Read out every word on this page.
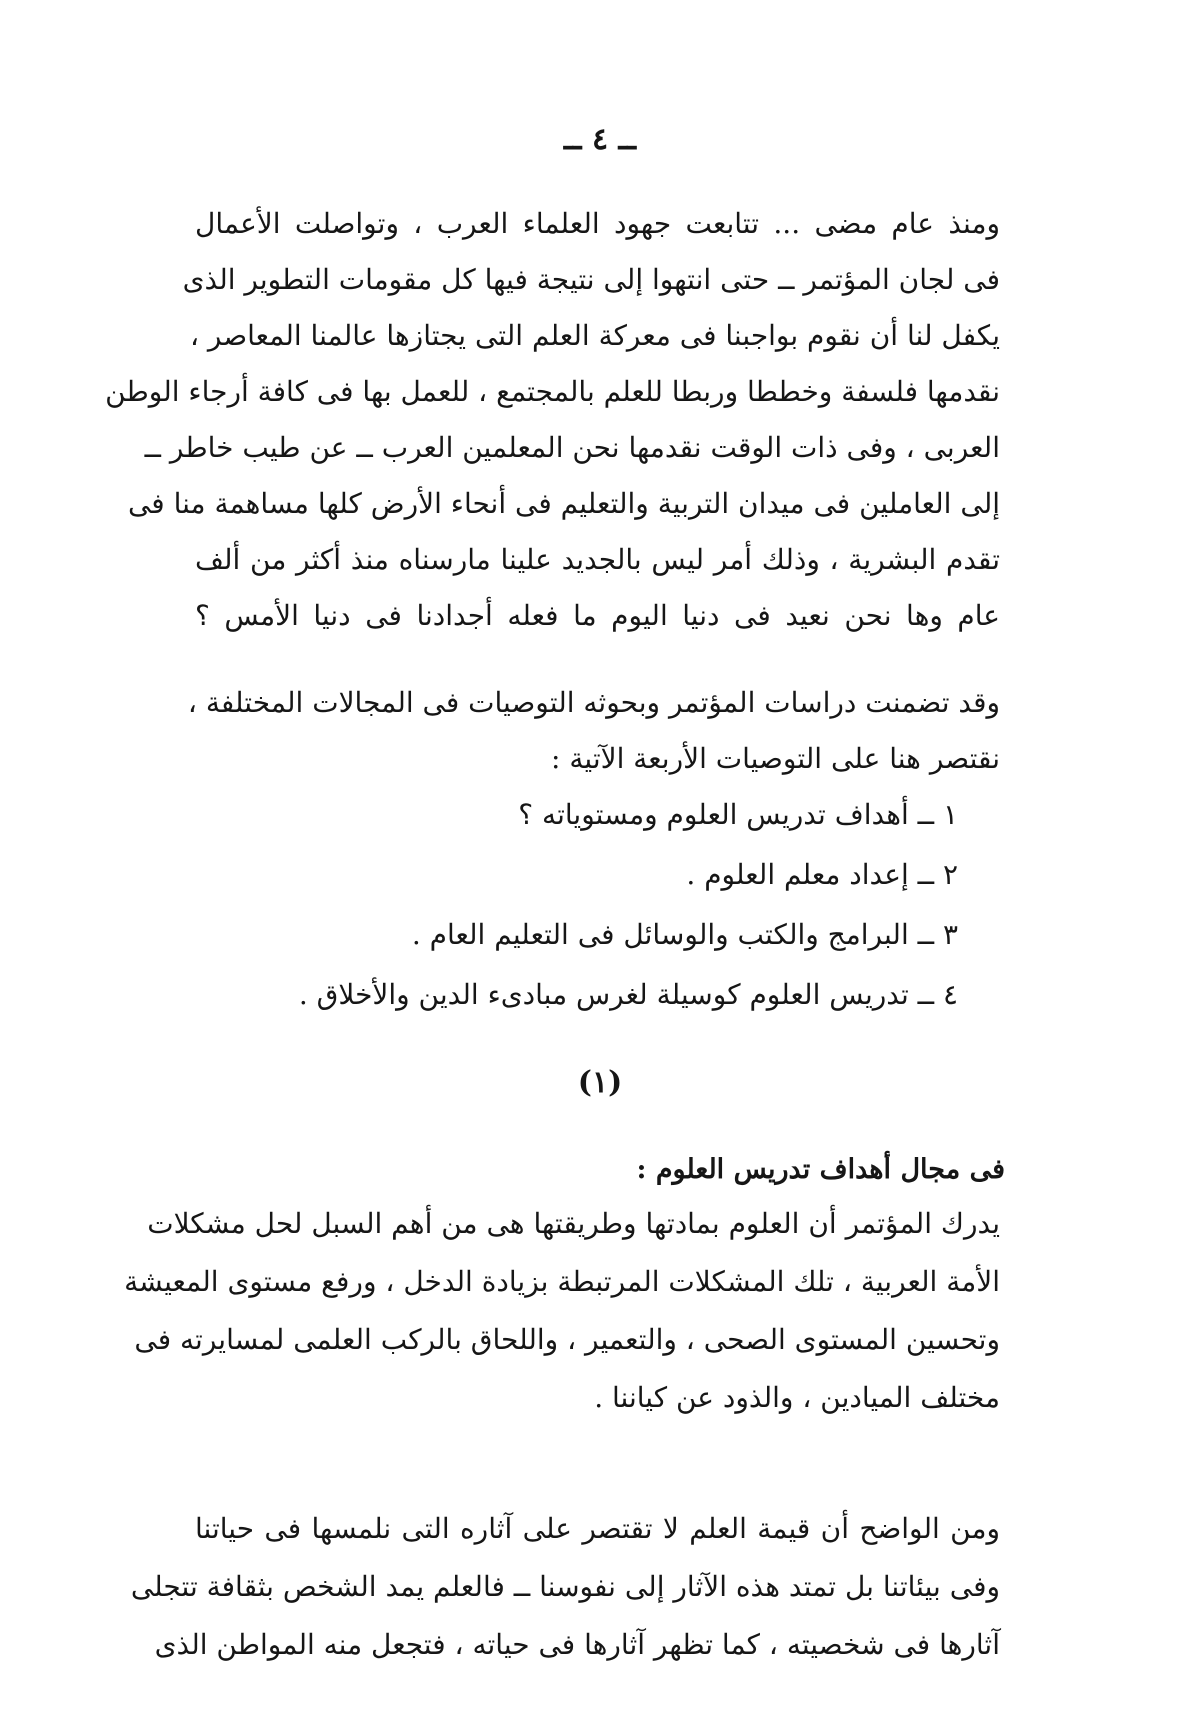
ــ ٤ ــ
ومنذ عام مضى ... تتابعت جهود العلماء العرب ، وتواصلت الأعمال
فى لجان المؤتمر ــ حتى انتهوا إلى نتيجة فيها كل مقومات التطوير الذى
يكفل لنا أن نقوم بواجبنا فى معركة العلم التى يجتازها عالمنا المعاصر ،
نقدمها فلسفة وخططا وربطا للعلم بالمجتمع ، للعمل بها فى كافة أرجاء الوطن
العربى ، وفى ذات الوقت نقدمها نحن المعلمين العرب ــ عن طيب خاطر ــ
إلى العاملين فى ميدان التربية والتعليم فى أنحاء الأرض كلها مساهمة منا فى
تقدم البشرية ، وذلك أمر ليس بالجديد علينا مارسناه منذ أكثر من ألف
عام وها نحن نعيد فى دنيا اليوم ما فعله أجدادنا فى دنيا الأمس ؟
وقد تضمنت دراسات المؤتمر وبحوثه التوصيات فى المجالات المختلفة ،
نقتصر هنا على التوصيات الأربعة الآتية :
١ ــ أهداف تدريس العلوم ومستوياته ؟
٢ ــ إعداد معلم العلوم .
٣ ــ البرامج والكتب والوسائل فى التعليم العام .
٤ ــ تدريس العلوم كوسيلة لغرس مبادىء الدين والأخلاق .
(١)
فى مجال أهداف تدريس العلوم :
يدرك المؤتمر أن العلوم بمادتها وطريقتها هى من أهم السبل لحل مشكلات
الأمة العربية ، تلك المشكلات المرتبطة بزيادة الدخل ، ورفع مستوى المعيشة
وتحسين المستوى الصحى ، والتعمير ، واللحاق بالركب العلمى لمسايرته فى
مختلف الميادين ، والذود عن كياننا .
ومن الواضح أن قيمة العلم لا تقتصر على آثاره التى نلمسها فى حياتنا
وفى بيئاتنا بل تمتد هذه الآثار إلى نفوسنا ــ فالعلم يمد الشخص بثقافة تتجلى
آثارها فى شخصيته ، كما تظهر آثارها فى حياته ، فتجعل منه المواطن الذى
